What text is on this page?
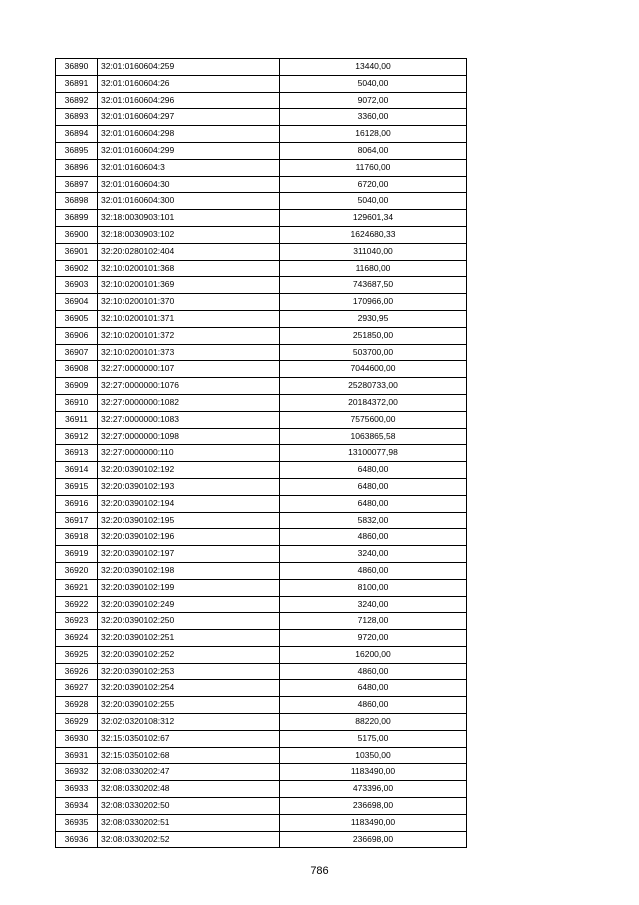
36890	32:01:0160604:259	13440,00
36891	32:01:0160604:26	5040,00
36892	32:01:0160604:296	9072,00
36893	32:01:0160604:297	3360,00
36894	32:01:0160604:298	16128,00
36895	32:01:0160604:299	8064,00
36896	32:01:0160604:3	11760,00
36897	32:01:0160604:30	6720,00
36898	32:01:0160604:300	5040,00
36899	32:18:0030903:101	129601,34
36900	32:18:0030903:102	1624680,33
36901	32:20:0280102:404	311040,00
36902	32:10:0200101:368	11680,00
36903	32:10:0200101:369	743687,50
36904	32:10:0200101:370	170966,00
36905	32:10:0200101:371	2930,95
36906	32:10:0200101:372	251850,00
36907	32:10:0200101:373	503700,00
36908	32:27:0000000:107	7044600,00
36909	32:27:0000000:1076	25280733,00
36910	32:27:0000000:1082	20184372,00
36911	32:27:0000000:1083	7575600,00
36912	32:27:0000000:1098	1063865,58
36913	32:27:0000000:110	13100077,98
36914	32:20:0390102:192	6480,00
36915	32:20:0390102:193	6480,00
36916	32:20:0390102:194	6480,00
36917	32:20:0390102:195	5832,00
36918	32:20:0390102:196	4860,00
36919	32:20:0390102:197	3240,00
36920	32:20:0390102:198	4860,00
36921	32:20:0390102:199	8100,00
36922	32:20:0390102:249	3240,00
36923	32:20:0390102:250	7128,00
36924	32:20:0390102:251	9720,00
36925	32:20:0390102:252	16200,00
36926	32:20:0390102:253	4860,00
36927	32:20:0390102:254	6480,00
36928	32:20:0390102:255	4860,00
36929	32:02:0320108:312	88220,00
36930	32:15:0350102:67	5175,00
36931	32:15:0350102:68	10350,00
36932	32:08:0330202:47	1183490,00
36933	32:08:0330202:48	473396,00
36934	32:08:0330202:50	236698,00
36935	32:08:0330202:51	1183490,00
36936	32:08:0330202:52	236698,00
786
